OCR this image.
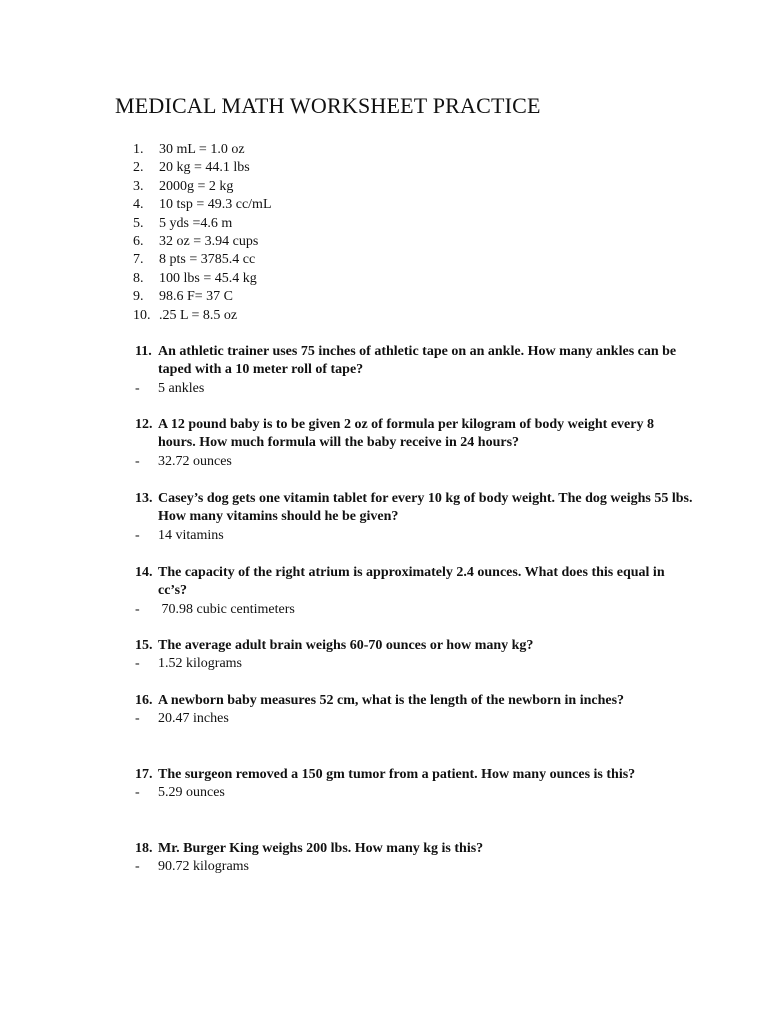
MEDICAL MATH WORKSHEET PRACTICE
1. 30 mL = 1.0 oz
2. 20 kg = 44.1 lbs
3. 2000g = 2 kg
4. 10 tsp = 49.3 cc/mL
5. 5 yds =4.6 m
6. 32 oz = 3.94 cups
7. 8 pts = 3785.4 cc
8. 100 lbs = 45.4 kg
9. 98.6 F= 37 C
10. .25 L = 8.5 oz
11. An athletic trainer uses 75 inches of athletic tape on an ankle. How many ankles can be taped with a 10 meter roll of tape?
-	5 ankles
12. A 12 pound baby is to be given 2 oz of formula per kilogram of body weight every 8 hours. How much formula will the baby receive in 24 hours?
-	32.72 ounces
13. Casey’s dog gets one vitamin tablet for every 10 kg of body weight. The dog weighs 55 lbs. How many vitamins should he be given?
-	14 vitamins
14. The capacity of the right atrium is approximately 2.4 ounces. What does this equal in cc’s?
-	70.98 cubic centimeters
15. The average adult brain weighs 60-70 ounces or how many kg?
-	1.52 kilograms
16. A newborn baby measures 52 cm, what is the length of the newborn in inches?
-	20.47 inches
17. The surgeon removed a 150 gm tumor from a patient. How many ounces is this?
-	5.29 ounces
18. Mr. Burger King weighs 200 lbs. How many kg is this?
-	90.72 kilograms
